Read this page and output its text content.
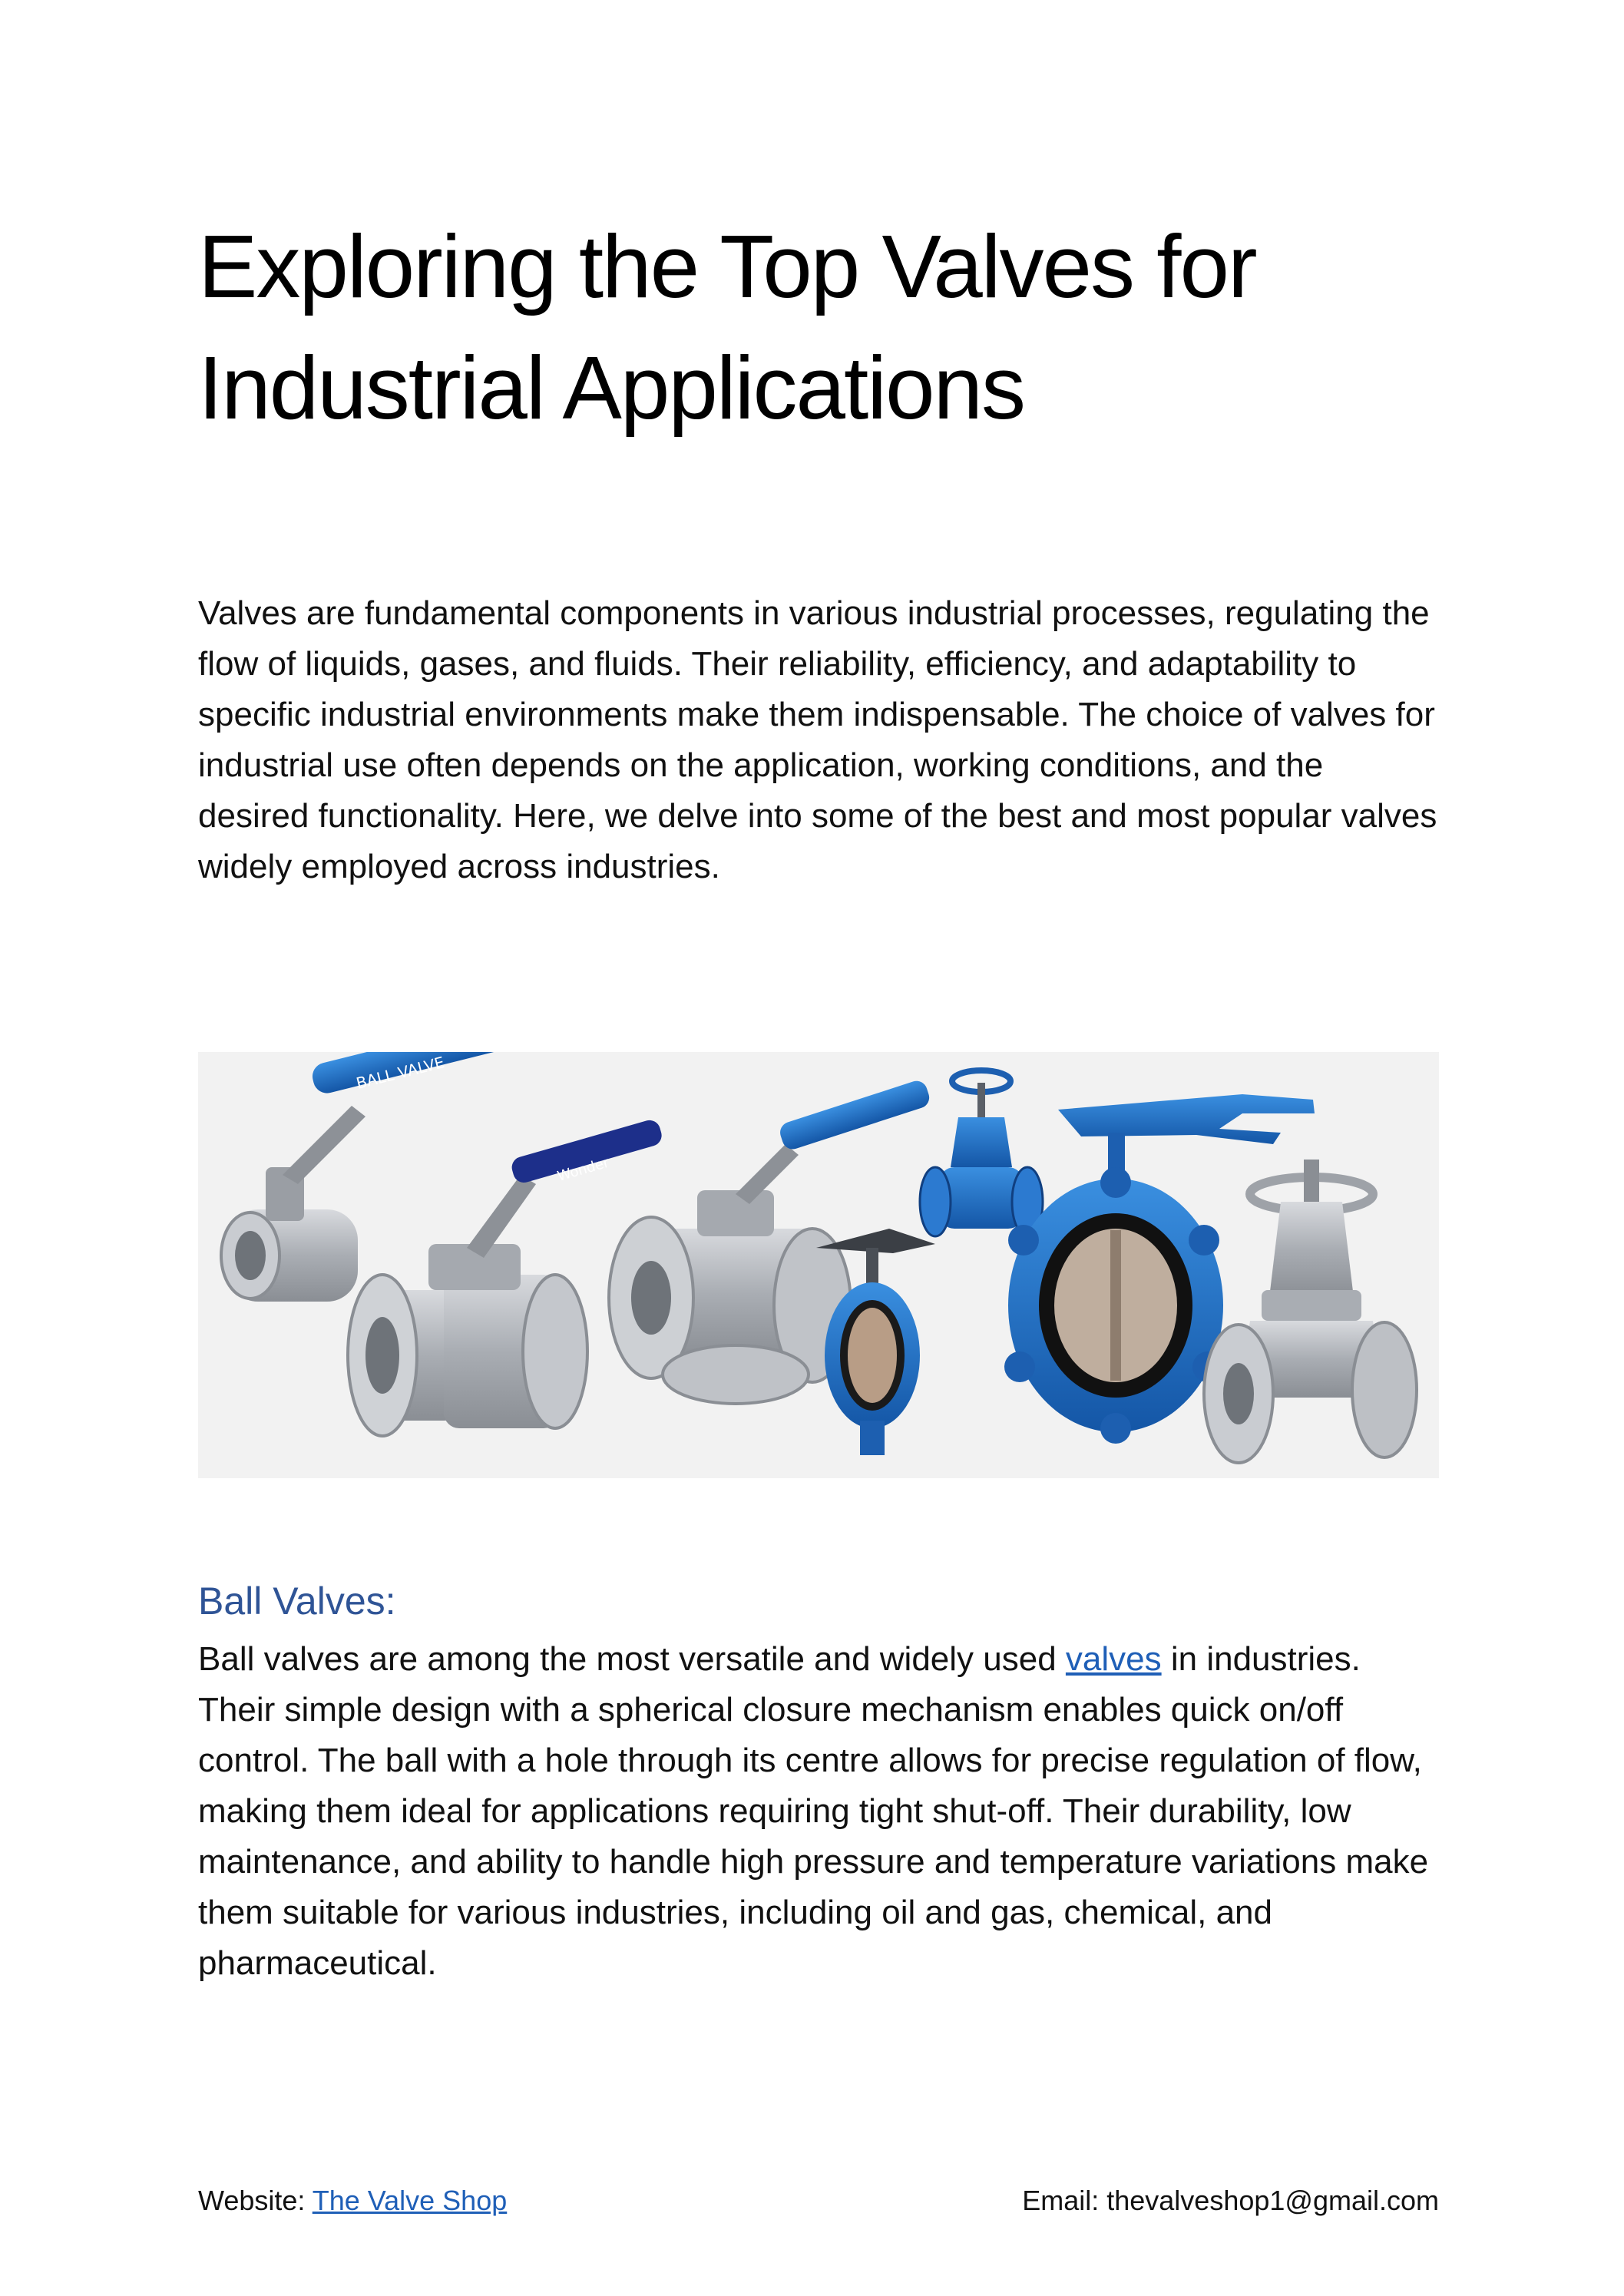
Exploring the Top Valves for
Industrial Applications

Valves are fundamental components in various industrial processes, regulating the flow of liquids, gases, and fluids. Their reliability, efficiency, and adaptability to specific industrial environments make them indispensable. The choice of valves for industrial use often depends on the application, working conditions, and the desired functionality. Here, we delve into some of the best and most popular valves widely employed across industries.

BALL VALVE
Wonder
Ball Valves:

Ball valves are among the most versatile and widely used valves in industries. Their simple design with a spherical closure mechanism enables quick on/off control. The ball with a hole through its centre allows for precise regulation of flow, making them ideal for applications requiring tight shut-off. Their durability, low maintenance, and ability to handle high pressure and temperature variations make them suitable for various industries, including oil and gas, chemical, and pharmaceutical.

Website: The Valve Shop	Email: thevalveshop1@gmail.com
